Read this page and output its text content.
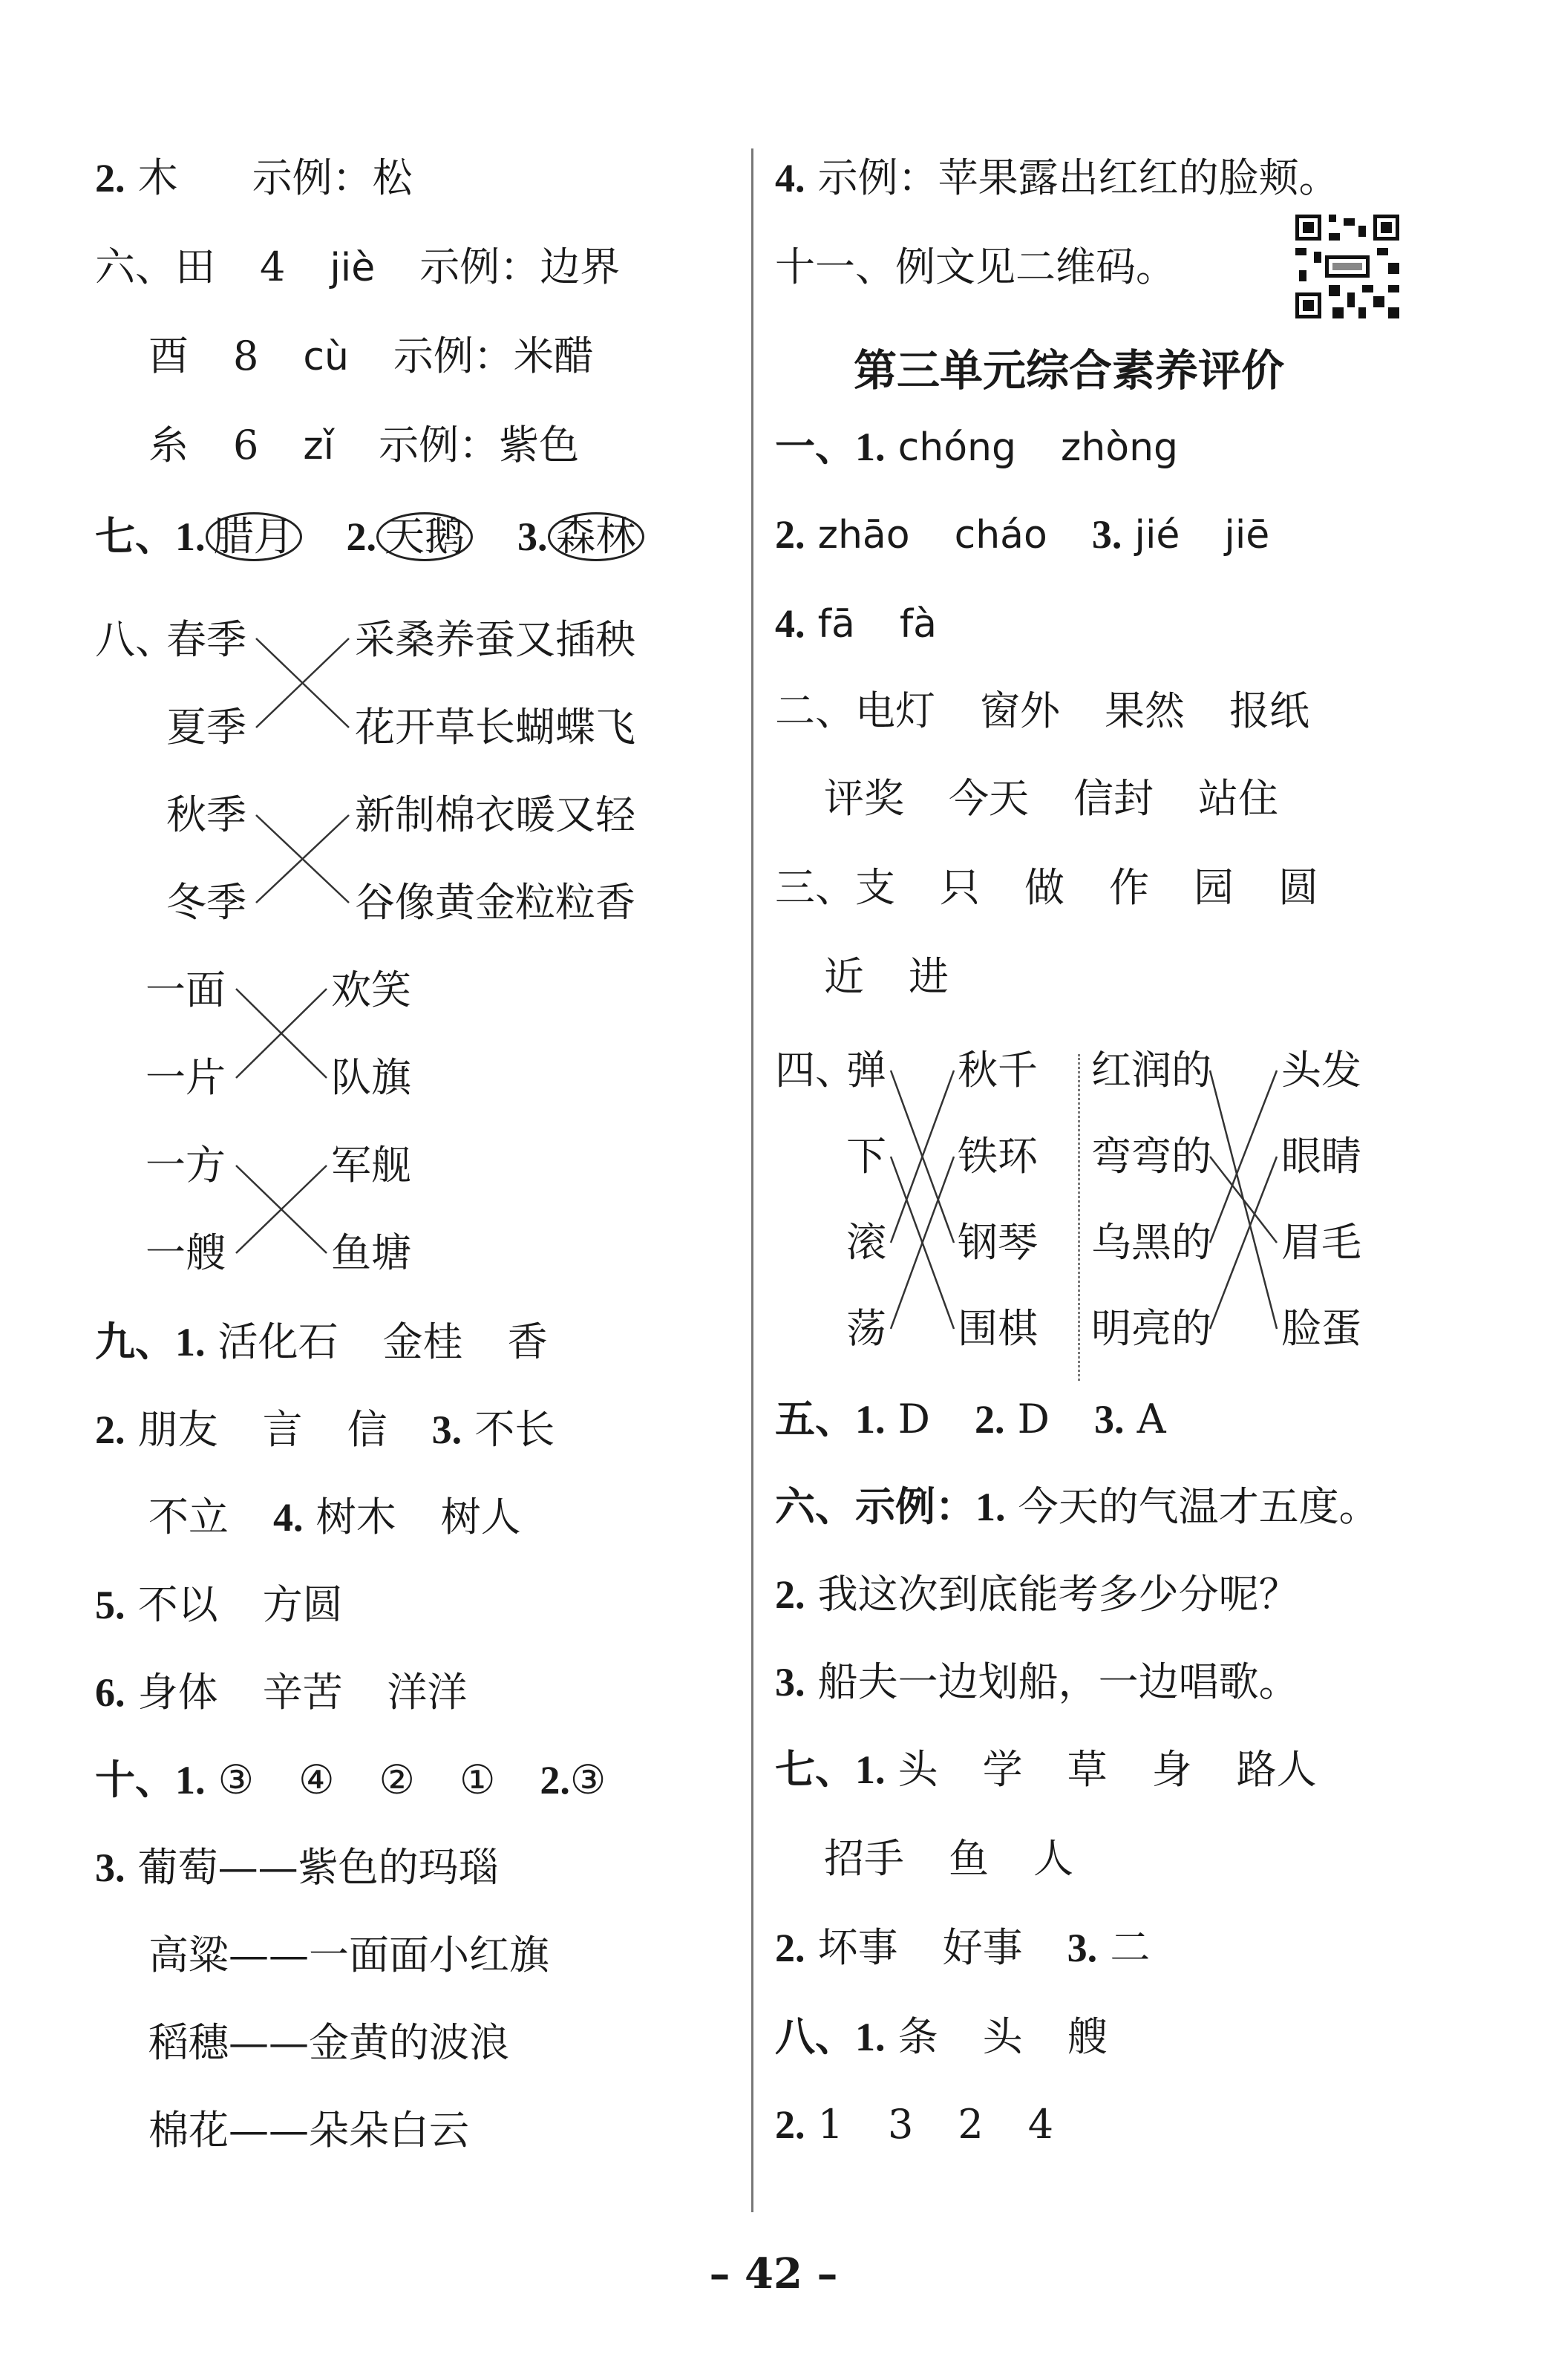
2. 木 示例：松
六、田 4 jiè 示例：边界
酉 8 cù 示例：米醋
糸 6 zǐ 示例：紫色
七、1. 腊月 2. 天鹅 3. 森林
八、
春季
夏季
秋季
冬季
采桑养蚕又插秧
花开草长蝴蝶飞
新制棉衣暖又轻
谷像黄金粒粒香
一面
一片
一方
一艘
欢笑
队旗
军舰
鱼塘
九、1. 活化石 金桂 香
2. 朋友 言 信 3. 不长
不立 4. 树木 树人
5. 不以 方圆
6. 身体 辛苦 洋洋
十、1. ③ ④ ② ① 2.③
3. 葡萄——紫色的玛瑙
高粱——一面面小红旗
稻穗——金黄的波浪
棉花——朵朵白云
4. 示例：苹果露出红红的脸颊。
十一、例文见二维码。
第三单元综合素养评价
一、1. chóng zhòng
2. zhāo cháo 3. jié jiē
4. fā fà
二、电灯 窗外 果然 报纸
评奖 今天 信封 站住
三、支 只 做 作 园 圆
近 进
四、
弹
下
滚
荡
秋千
铁环
钢琴
围棋
红润的
弯弯的
乌黑的
明亮的
头发
眼睛
眉毛
脸蛋
五、1. D 2. D 3. A
六、示例：1. 今天的气温才五度。
2. 我这次到底能考多少分呢？
3. 船夫一边划船，一边唱歌。
七、1. 头 学 草 身 路人
招手 鱼 人
2. 坏事 好事 3. 二
八、1. 条 头 艘
2. 1 3 2 4
– 42 –
